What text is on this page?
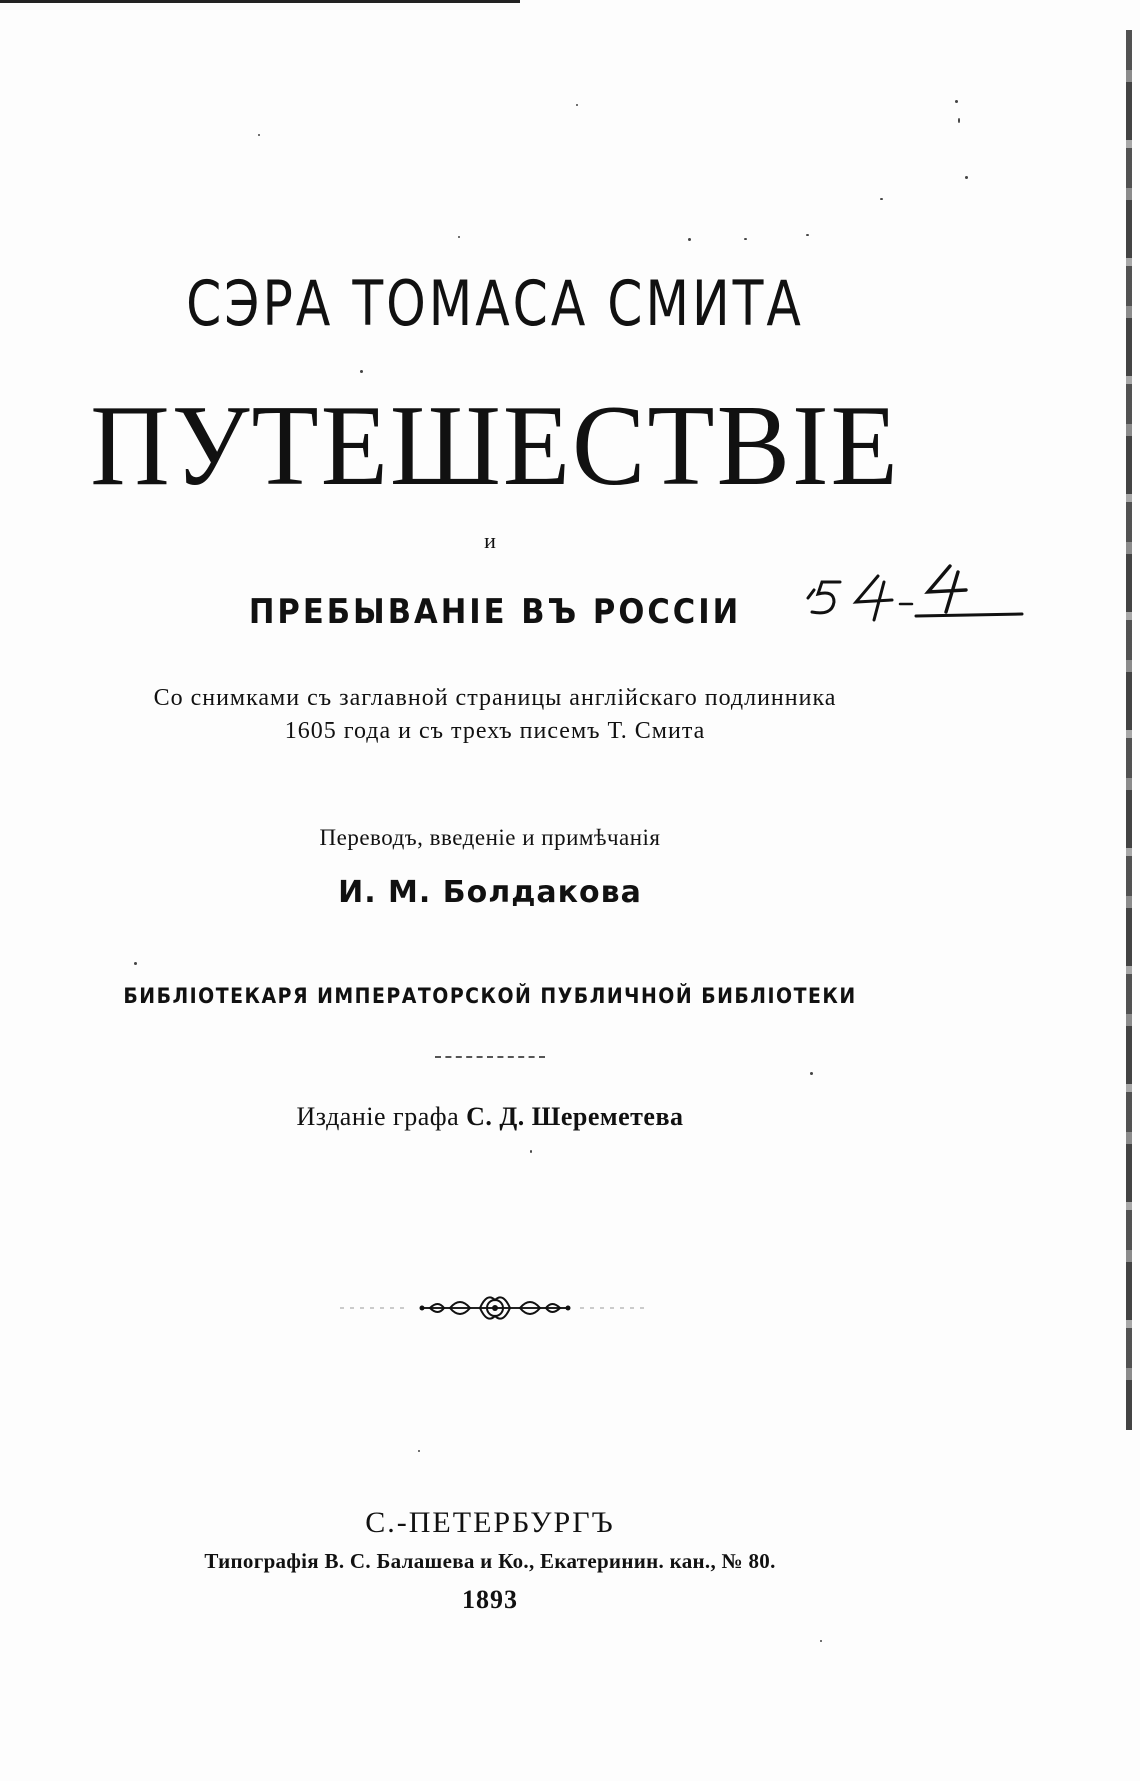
СЭРА ТОМАСА СМИТА
ПУТЕШЕСТВІЕ
и
ПРЕБЫВАНІЕ ВЪ РОССІИ
Со снимками съ заглавной страницы англійскаго подлинника
1605 года и съ трехъ писемъ Т. Смита
Переводъ, введеніе и примѣчанія
И. М. Болдакова
БИБЛІОТЕКАРЯ ИМПЕРАТОРСКОЙ ПУБЛИЧНОЙ БИБЛІОТЕКИ
Изданіе графа С. Д. Шереметева
С.-ПЕТЕРБУРГЪ
Типографія В. С. Балашева и Ко., Екатеринин. кан., № 80.
1893
